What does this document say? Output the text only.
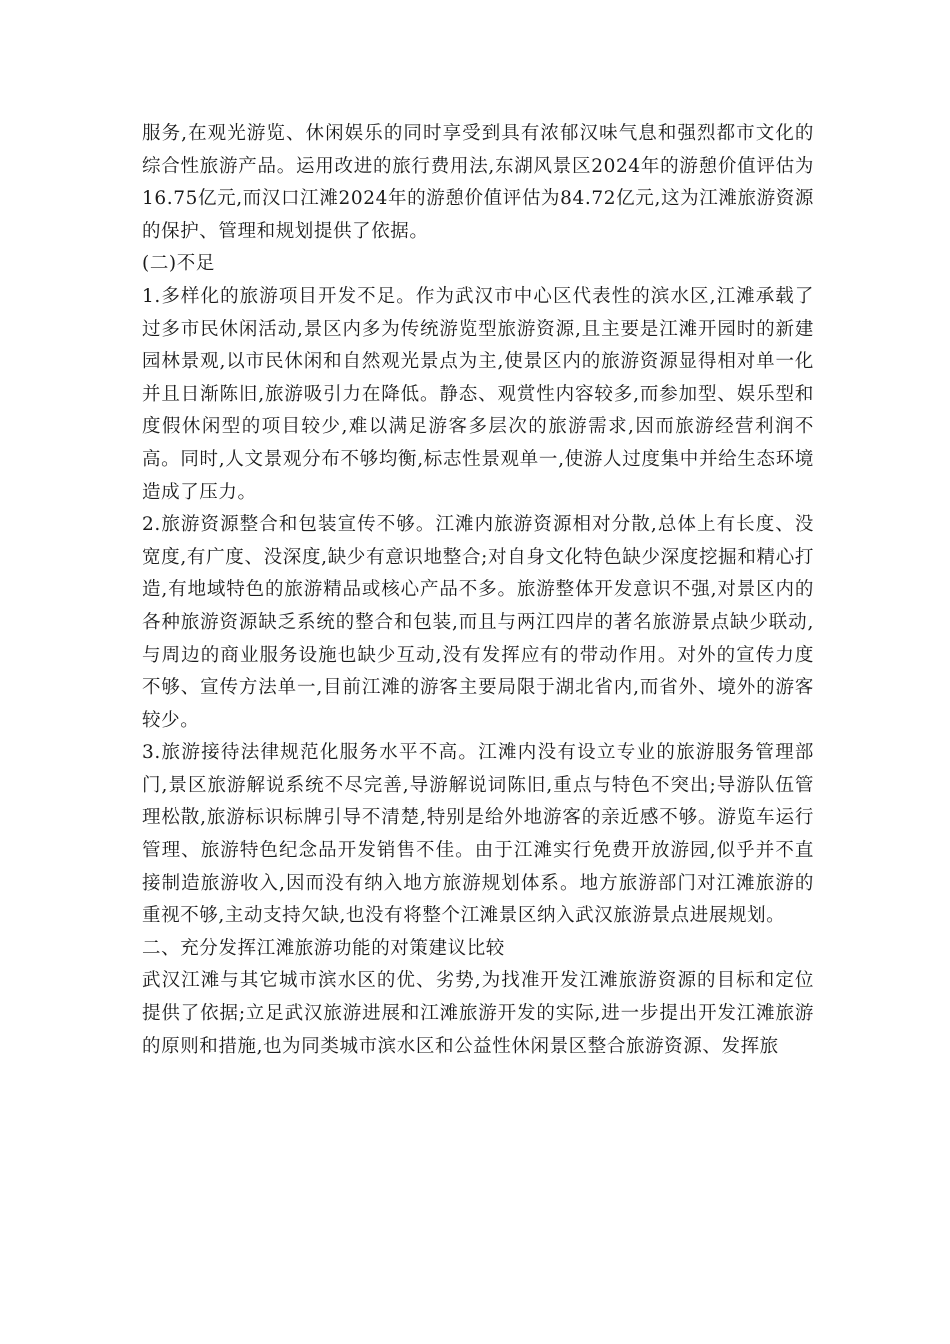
服务,在观光游览、休闲娱乐的同时享受到具有浓郁汉味气息和强烈都市文化的综合性旅游产品。运用改进的旅行费用法,东湖风景区2024年的游憩价值评估为16.75亿元,而汉口江滩2024年的游憩价值评估为84.72亿元,这为江滩旅游资源的保护、管理和规划提供了依据。

(二)不足

1.多样化的旅游项目开发不足。作为武汉市中心区代表性的滨水区,江滩承载了过多市民休闲活动,景区内多为传统游览型旅游资源,且主要是江滩开园时的新建园林景观,以市民休闲和自然观光景点为主,使景区内的旅游资源显得相对单一化并且日渐陈旧,旅游吸引力在降低。静态、观赏性内容较多,而参加型、娱乐型和度假休闲型的项目较少,难以满足游客多层次的旅游需求,因而旅游经营利润不高。同时,人文景观分布不够均衡,标志性景观单一,使游人过度集中并给生态环境造成了压力。

2.旅游资源整合和包装宣传不够。江滩内旅游资源相对分散,总体上有长度、没宽度,有广度、没深度,缺少有意识地整合;对自身文化特色缺少深度挖掘和精心打造,有地域特色的旅游精品或核心产品不多。旅游整体开发意识不强,对景区内的各种旅游资源缺乏系统的整合和包装,而且与两江四岸的著名旅游景点缺少联动,与周边的商业服务设施也缺少互动,没有发挥应有的带动作用。对外的宣传力度不够、宣传方法单一,目前江滩的游客主要局限于湖北省内,而省外、境外的游客较少。

3.旅游接待法律规范化服务水平不高。江滩内没有设立专业的旅游服务管理部门,景区旅游解说系统不尽完善,导游解说词陈旧,重点与特色不突出;导游队伍管理松散,旅游标识标牌引导不清楚,特别是给外地游客的亲近感不够。游览车运行管理、旅游特色纪念品开发销售不佳。由于江滩实行免费开放游园,似乎并不直接制造旅游收入,因而没有纳入地方旅游规划体系。地方旅游部门对江滩旅游的重视不够,主动支持欠缺,也没有将整个江滩景区纳入武汉旅游景点进展规划。

二、充分发挥江滩旅游功能的对策建议比较

武汉江滩与其它城市滨水区的优、劣势,为找准开发江滩旅游资源的目标和定位提供了依据;立足武汉旅游进展和江滩旅游开发的实际,进一步提出开发江滩旅游的原则和措施,也为同类城市滨水区和公益性休闲景区整合旅游资源、发挥旅
